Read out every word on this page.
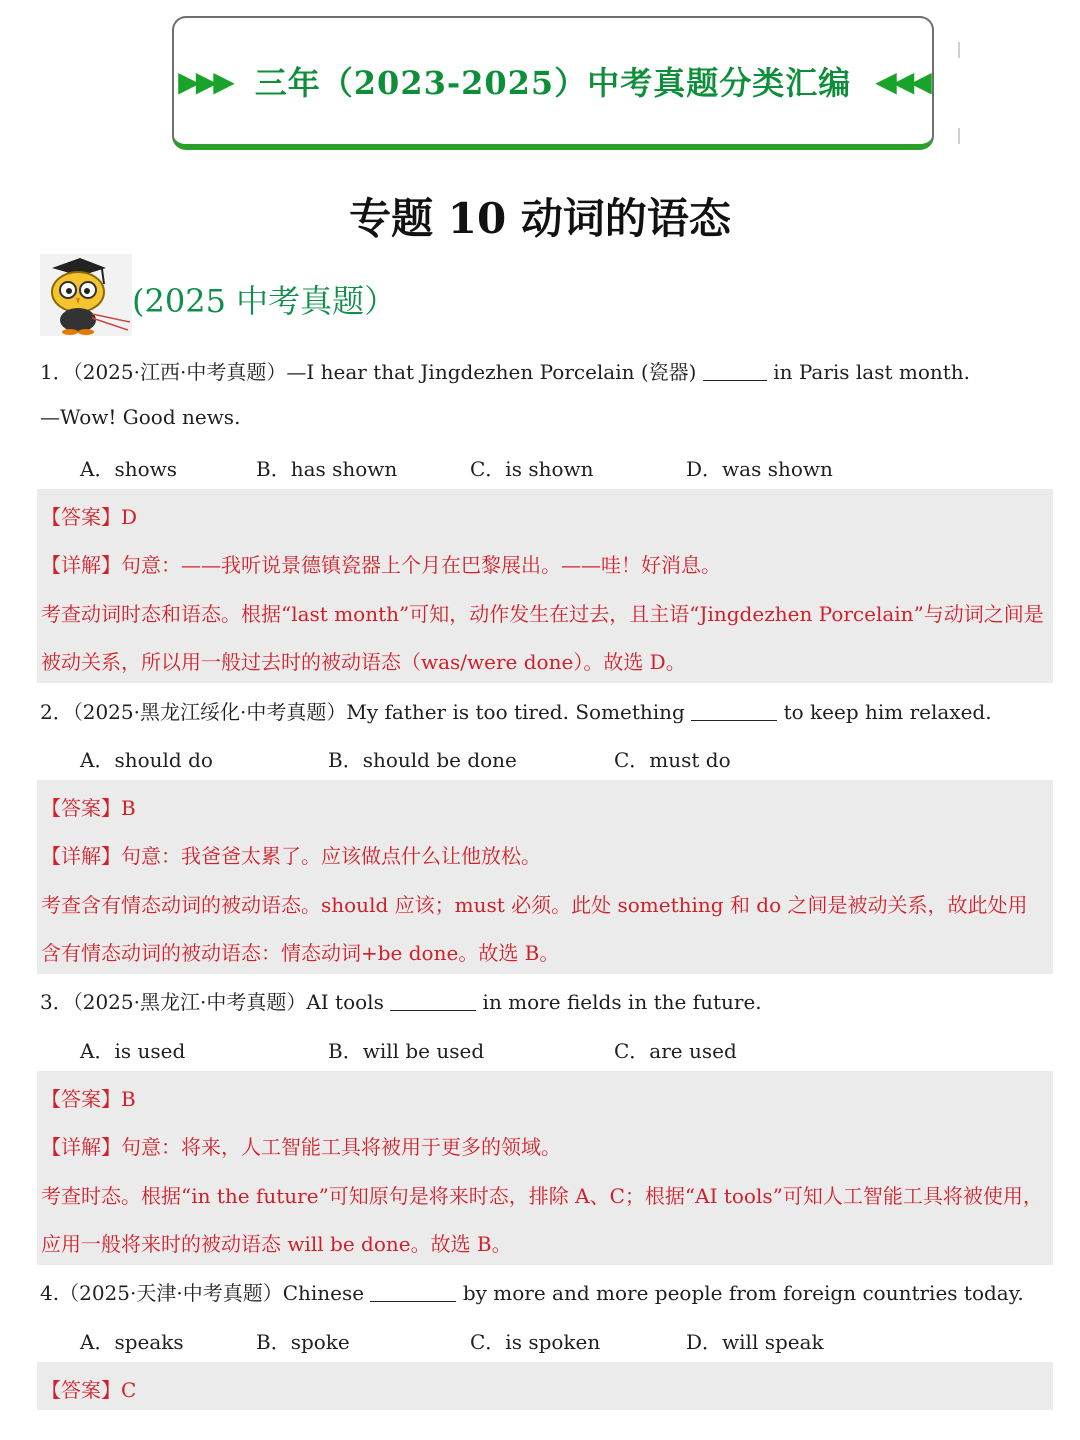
▶▶▶ 三年（2023-2025）中考真题分类汇编 ◀◀◀
专题 10 动词的语态
(2025 中考真题）
1．（2025·江西·中考真题）—I hear that Jingdezhen Porcelain (瓷器)	in Paris last month.
—Wow! Good news.
A．shows	B．has shown	C．is shown	D．was shown
【答案】D
【详解】句意：——我听说景德镇瓷器上个月在巴黎展出。——哇！好消息。
考查动词时态和语态。根据“last month”可知，动作发生在过去，且主语“Jingdezhen Porcelain”与动词之间是
被动关系，所以用一般过去时的被动语态（was/were done）。故选 D。
2．（2025·黑龙江绥化·中考真题）My father is too tired. Something	to keep him relaxed.
A．should do	B．should be done	C．must do
【答案】B
【详解】句意：我爸爸太累了。应该做点什么让他放松。
考查含有情态动词的被动语态。should 应该；must 必须。此处 something 和 do 之间是被动关系，故此处用
含有情态动词的被动语态：情态动词+be done。故选 B。
3．（2025·黑龙江·中考真题）AI tools	in more fields in the future.
A．is used	B．will be used	C．are used
【答案】B
【详解】句意：将来，人工智能工具将被用于更多的领域。
考查时态。根据“in the future”可知原句是将来时态，排除 A、C；根据“AI tools”可知人工智能工具将被使用，
应用一般将来时的被动语态 will be done。故选 B。
4.（2025·天津·中考真题）Chinese	by more and more people from foreign countries today.
A．speaks	B．spoke	C．is spoken	D．will speak
【答案】C
